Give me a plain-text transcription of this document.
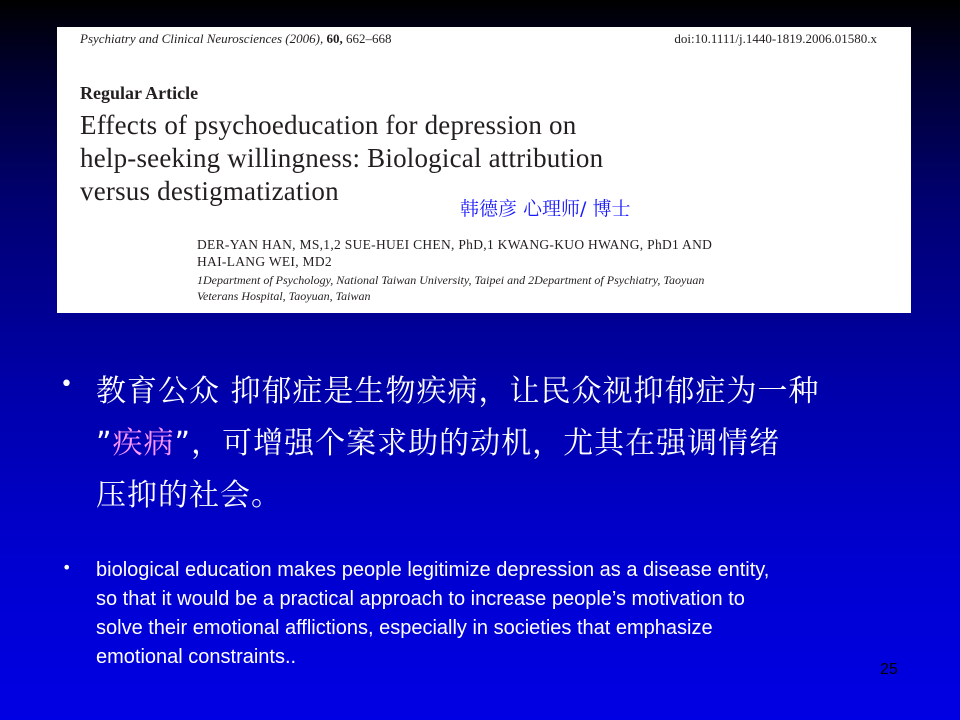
Psychiatry and Clinical Neurosciences (2006), 60, 662–668	doi:10.1111/j.1440-1819.2006.01580.x
Regular Article
Effects of psychoeducation for depression on
help-seeking willingness: Biological attribution
versus destigmatization
韩德彦 心理师/ 博士
DER-YAN HAN, MS,1,2 SUE-HUEI CHEN, PhD,1 KWANG-KUO HWANG, PhD1 AND
HAI-LANG WEI, MD2
1Department of Psychology, National Taiwan University, Taipei and 2Department of Psychiatry, Taoyuan
Veterans Hospital, Taoyuan, Taiwan
• 教育公众 抑郁症是生物疾病，让民众视抑郁症为一种
”疾病”，可增强个案求助的动机，尤其在强调情绪
压抑的社会。
• biological education makes people legitimize depression as a disease entity,
so that it would be a practical approach to increase people’s motivation to
solve their emotional afflictions, especially in societies that emphasize
emotional constraints..
25
